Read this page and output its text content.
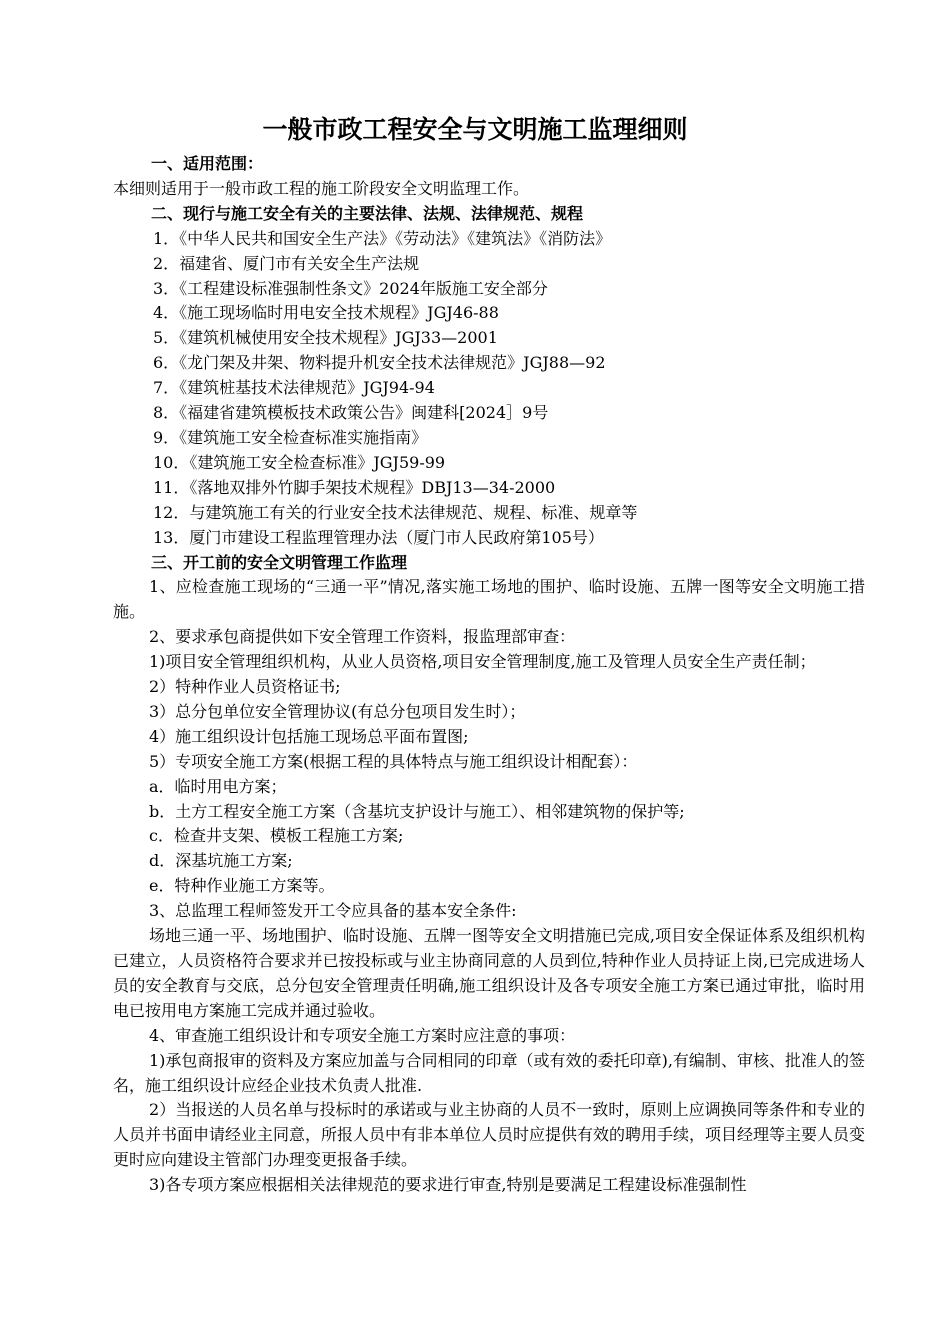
一般市政工程安全与文明施工监理细则
一、适用范围：
本细则适用于一般市政工程的施工阶段安全文明监理工作。
二、现行与施工安全有关的主要法律、法规、法律规范、规程
1．《中华人民共和国安全生产法》《劳动法》《建筑法》《消防法》
2．福建省、厦门市有关安全生产法规
3．《工程建设标准强制性条文》2024年版施工安全部分
4．《施工现场临时用电安全技术规程》JGJ46-88
5．《建筑机械使用安全技术规程》JGJ33—2001
6．《龙门架及井架、物料提升机安全技术法律规范》JGJ88—92
7．《建筑桩基技术法律规范》JGJ94-94
8．《福建省建筑模板技术政策公告》闽建科[2024］9号
9．《建筑施工安全检查标准实施指南》
10．《建筑施工安全检查标准》JGJ59-99
11．《落地双排外竹脚手架技术规程》DBJ13—34-2000
12．与建筑施工有关的行业安全技术法律规范、规程、标准、规章等
13．厦门市建设工程监理管理办法（厦门市人民政府第105号）
三、开工前的安全文明管理工作监理
1、应检查施工现场的“三通一平”情况,落实施工场地的围护、临时设施、五牌一图等安全文明施工措施。
2、要求承包商提供如下安全管理工作资料，报监理部审查：
1)项目安全管理组织机构，从业人员资格,项目安全管理制度,施工及管理人员安全生产责任制；
2）特种作业人员资格证书;
3）总分包单位安全管理协议(有总分包项目发生时）；
4）施工组织设计包括施工现场总平面布置图;
5）专项安全施工方案(根据工程的具体特点与施工组织设计相配套）：
a．临时用电方案；
b．土方工程安全施工方案（含基坑支护设计与施工）、相邻建筑物的保护等;
c．检查井支架、模板工程施工方案;
d．深基坑施工方案;
e．特种作业施工方案等。
3、总监理工程师签发开工令应具备的基本安全条件:
场地三通一平、场地围护、临时设施、五牌一图等安全文明措施已完成,项目安全保证体系及组织机构已建立，人员资格符合要求并已按投标或与业主协商同意的人员到位,特种作业人员持证上岗,已完成进场人员的安全教育与交底，总分包安全管理责任明确,施工组织设计及各专项安全施工方案已通过审批，临时用电已按用电方案施工完成并通过验收。
4、审查施工组织设计和专项安全施工方案时应注意的事项：
1)承包商报审的资料及方案应加盖与合同相同的印章（或有效的委托印章),有编制、审核、批准人的签名，施工组织设计应经企业技术负责人批准.
2）当报送的人员名单与投标时的承诺或与业主协商的人员不一致时，原则上应调换同等条件和专业的人员并书面申请经业主同意，所报人员中有非本单位人员时应提供有效的聘用手续，项目经理等主要人员变更时应向建设主管部门办理变更报备手续。
3)各专项方案应根据相关法律规范的要求进行审查,特别是要满足工程建设标准强制性
